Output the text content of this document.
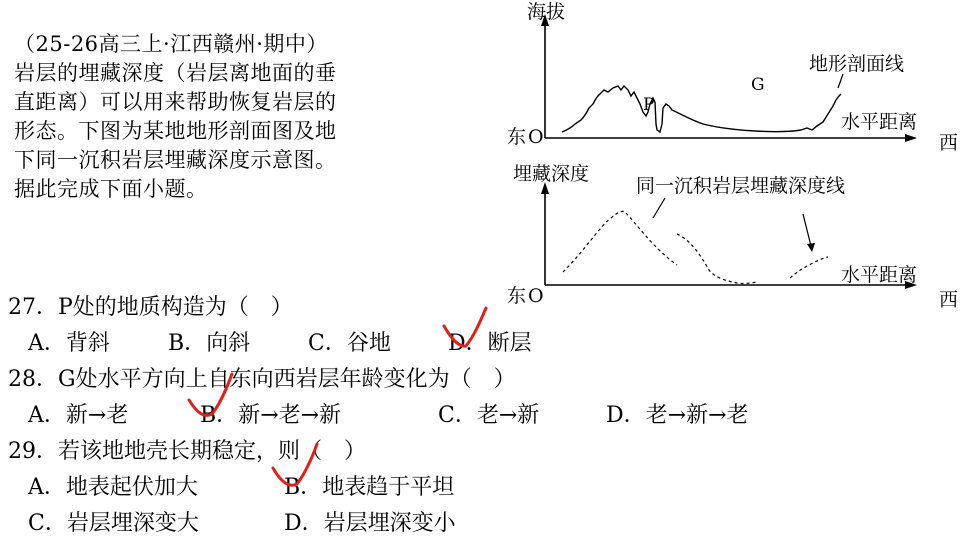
（25-26高三上·江西赣州·期中）

岩层的埋藏深度（岩层离地面的垂

直距离）可以用来帮助恢复岩层的

形态。下图为某地地形剖面图及地

下同一沉积岩层埋藏深度示意图。

据此完成下面小题。

海拔
东 O	西
水平距离
地形剖面线
P
G
埋藏深度
东 O	西
水平距离
同一沉积岩层埋藏深度线
27．P处的地质构造为（　）
A．背斜	B．向斜	C．谷地	D．断层
28．G处水平方向上自东向西岩层年龄变化为（　）
A．新→老	B．新→老→新	C．老→新	D．老→新→老
29．若该地地壳长期稳定，则（　）
A．地表起伏加大	B．地表趋于平坦
C．岩层埋深变大	D．岩层埋深变小
